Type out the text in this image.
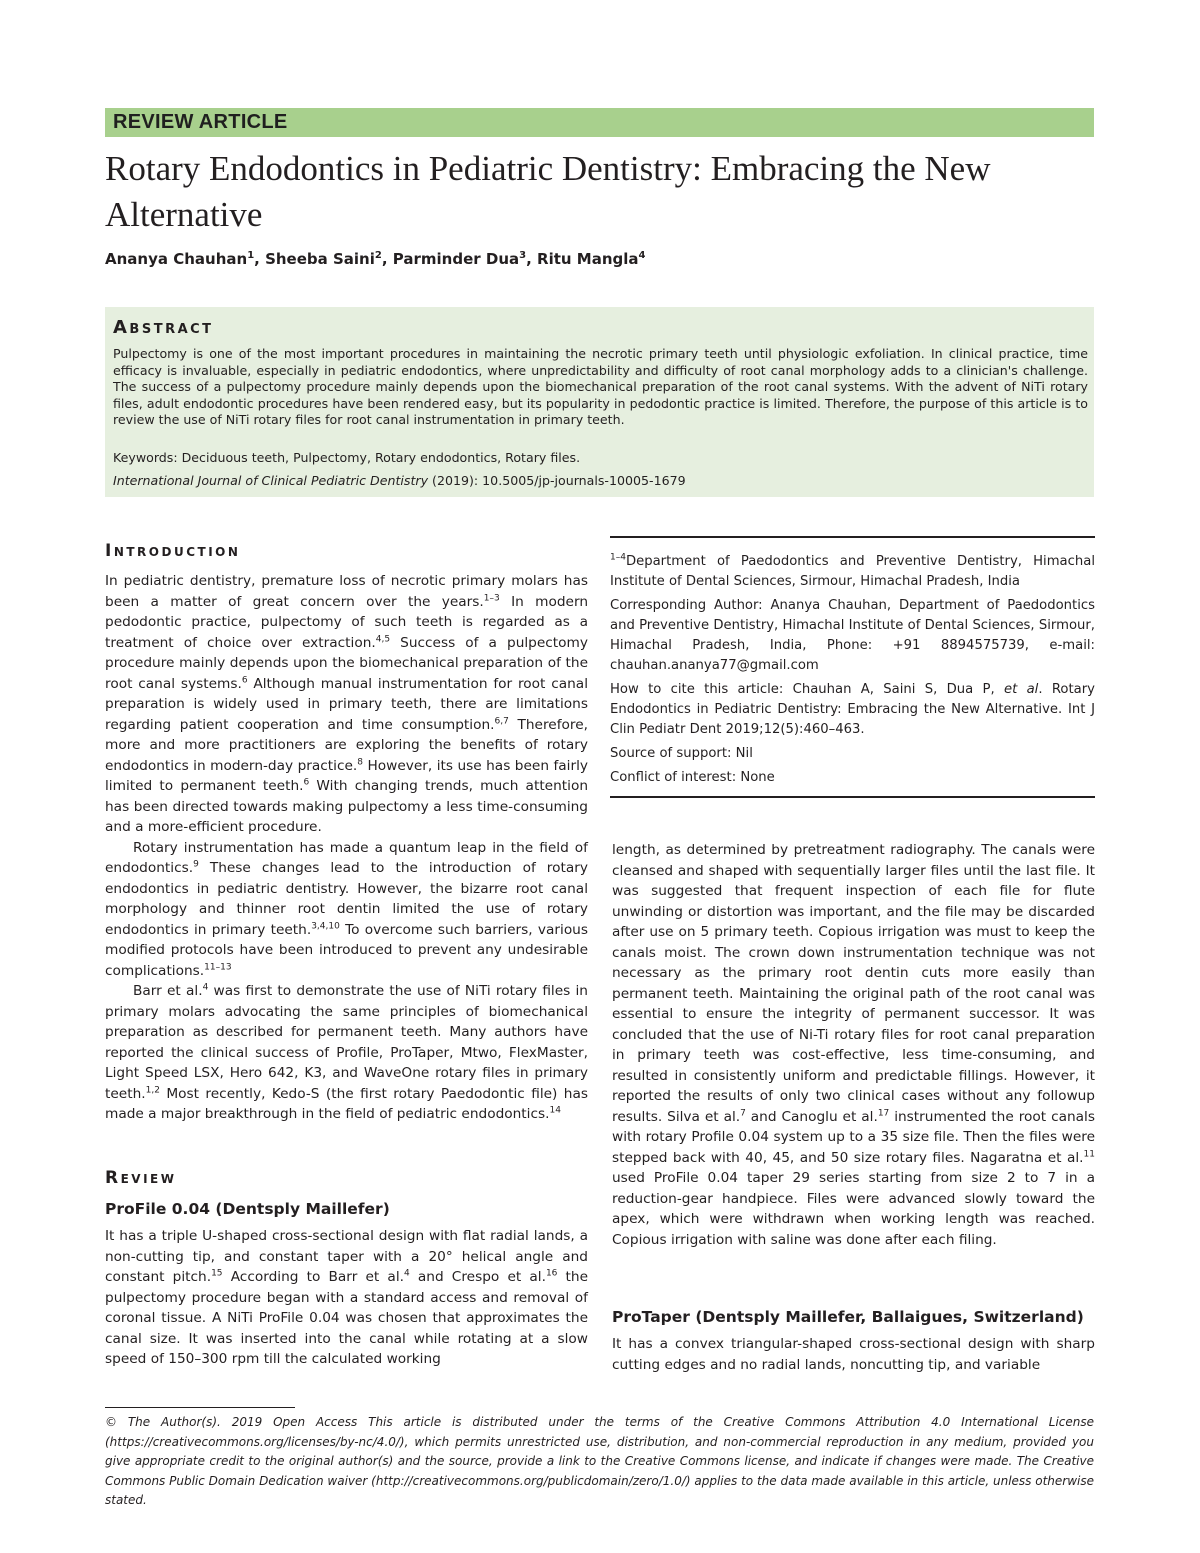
REVIEW ARTICLE
Rotary Endodontics in Pediatric Dentistry: Embracing the New Alternative
Ananya Chauhan$^1$, Sheeba Saini$^2$, Parminder Dua$^3$, Ritu Mangla$^4$
Abstract
Pulpectomy is one of the most important procedures in maintaining the necrotic primary teeth until physiologic exfoliation. In clinical practice, time efficacy is invaluable, especially in pediatric endodontics, where unpredictability and difficulty of root canal morphology adds to a clinician's challenge. The success of a pulpectomy procedure mainly depends upon the biomechanical preparation of the root canal systems. With the advent of NiTi rotary files, adult endodontic procedures have been rendered easy, but its popularity in pedodontic practice is limited. Therefore, the purpose of this article is to review the use of NiTi rotary files for root canal instrumentation in primary teeth.
Keywords: Deciduous teeth, Pulpectomy, Rotary endodontics, Rotary files.
International Journal of Clinical Pediatric Dentistry (2019): 10.5005/jp-journals-10005-1679
Introduction

In pediatric dentistry, premature loss of necrotic primary molars has been a matter of great concern over the years.$^{1-3}$ In modern pedodontic practice, pulpectomy of such teeth is regarded as a treatment of choice over extraction.$^{4,5}$ Success of a pulpectomy procedure mainly depends upon the biomechanical preparation of the root canal systems.$^6$ Although manual instrumentation for root canal preparation is widely used in primary teeth, there are limitations regarding patient cooperation and time consumption.$^{6,7}$ Therefore, more and more practitioners are exploring the benefits of rotary endodontics in modern-day practice.$^8$ However, its use has been fairly limited to permanent teeth.$^6$ With changing trends, much attention has been directed towards making pulpectomy a less time-consuming and a more-efficient procedure.

Rotary instrumentation has made a quantum leap in the field of endodontics.$^9$ These changes lead to the introduction of rotary endodontics in pediatric dentistry. However, the bizarre root canal morphology and thinner root dentin limited the use of rotary endodontics in primary teeth.$^{3,4,10}$ To overcome such barriers, various modified protocols have been introduced to prevent any undesirable complications.$^{11-13}$

Barr et al.$^4$ was first to demonstrate the use of NiTi rotary files in primary molars advocating the same principles of biomechanical preparation as described for permanent teeth. Many authors have reported the clinical success of Profile, ProTaper, Mtwo, FlexMaster, Light Speed LSX, Hero 642, K3, and WaveOne rotary files in primary teeth.$^{1,2}$ Most recently, Kedo-S (the first rotary Paedodontic file) has made a major breakthrough in the field of pediatric endodontics.$^{14}$

Review
ProFile 0.04 (Dentsply Maillefer)

It has a triple U-shaped cross-sectional design with flat radial lands, a non-cutting tip, and constant taper with a 20° helical angle and constant pitch.$^{15}$ According to Barr et al.$^4$ and Crespo et al.$^{16}$ the pulpectomy procedure began with a standard access and removal of coronal tissue. A NiTi ProFile 0.04 was chosen that approximates the canal size. It was inserted into the canal while rotating at a slow speed of 150–300 rpm till the calculated working

$^{1-4}$Department of Paedodontics and Preventive Dentistry, Himachal Institute of Dental Sciences, Sirmour, Himachal Pradesh, India

Corresponding Author: Ananya Chauhan, Department of Paedodontics and Preventive Dentistry, Himachal Institute of Dental Sciences, Sirmour, Himachal Pradesh, India, Phone: +91 8894575739, e-mail: chauhan.ananya77@gmail.com

How to cite this article: Chauhan A, Saini S, Dua P, et al. Rotary Endodontics in Pediatric Dentistry: Embracing the New Alternative. Int J Clin Pediatr Dent 2019;12(5):460–463.

Source of support: Nil

Conflict of interest: None

length, as determined by pretreatment radiography. The canals were cleansed and shaped with sequentially larger files until the last file. It was suggested that frequent inspection of each file for flute unwinding or distortion was important, and the file may be discarded after use on 5 primary teeth. Copious irrigation was must to keep the canals moist. The crown down instrumentation technique was not necessary as the primary root dentin cuts more easily than permanent teeth. Maintaining the original path of the root canal was essential to ensure the integrity of permanent successor. It was concluded that the use of Ni-Ti rotary files for root canal preparation in primary teeth was cost-effective, less time-consuming, and resulted in consistently uniform and predictable fillings. However, it reported the results of only two clinical cases without any followup results. Silva et al.$^7$ and Canoglu et al.$^{17}$ instrumented the root canals with rotary Profile 0.04 system up to a 35 size file. Then the files were stepped back with 40, 45, and 50 size rotary files. Nagaratna et al.$^{11}$ used ProFile 0.04 taper 29 series starting from size 2 to 7 in a reduction-gear handpiece. Files were advanced slowly toward the apex, which were withdrawn when working length was reached. Copious irrigation with saline was done after each filing.

ProTaper (Dentsply Maillefer, Ballaigues, Switzerland)

It has a convex triangular-shaped cross-sectional design with sharp cutting edges and no radial lands, noncutting tip, and variable

© The Author(s). 2019 Open Access This article is distributed under the terms of the Creative Commons Attribution 4.0 International License (https://creativecommons.org/licenses/by-nc/4.0/), which permits unrestricted use, distribution, and non-commercial reproduction in any medium, provided you give appropriate credit to the original author(s) and the source, provide a link to the Creative Commons license, and indicate if changes were made. The Creative Commons Public Domain Dedication waiver (http://creativecommons.org/publicdomain/zero/1.0/) applies to the data made available in this article, unless otherwise stated.
